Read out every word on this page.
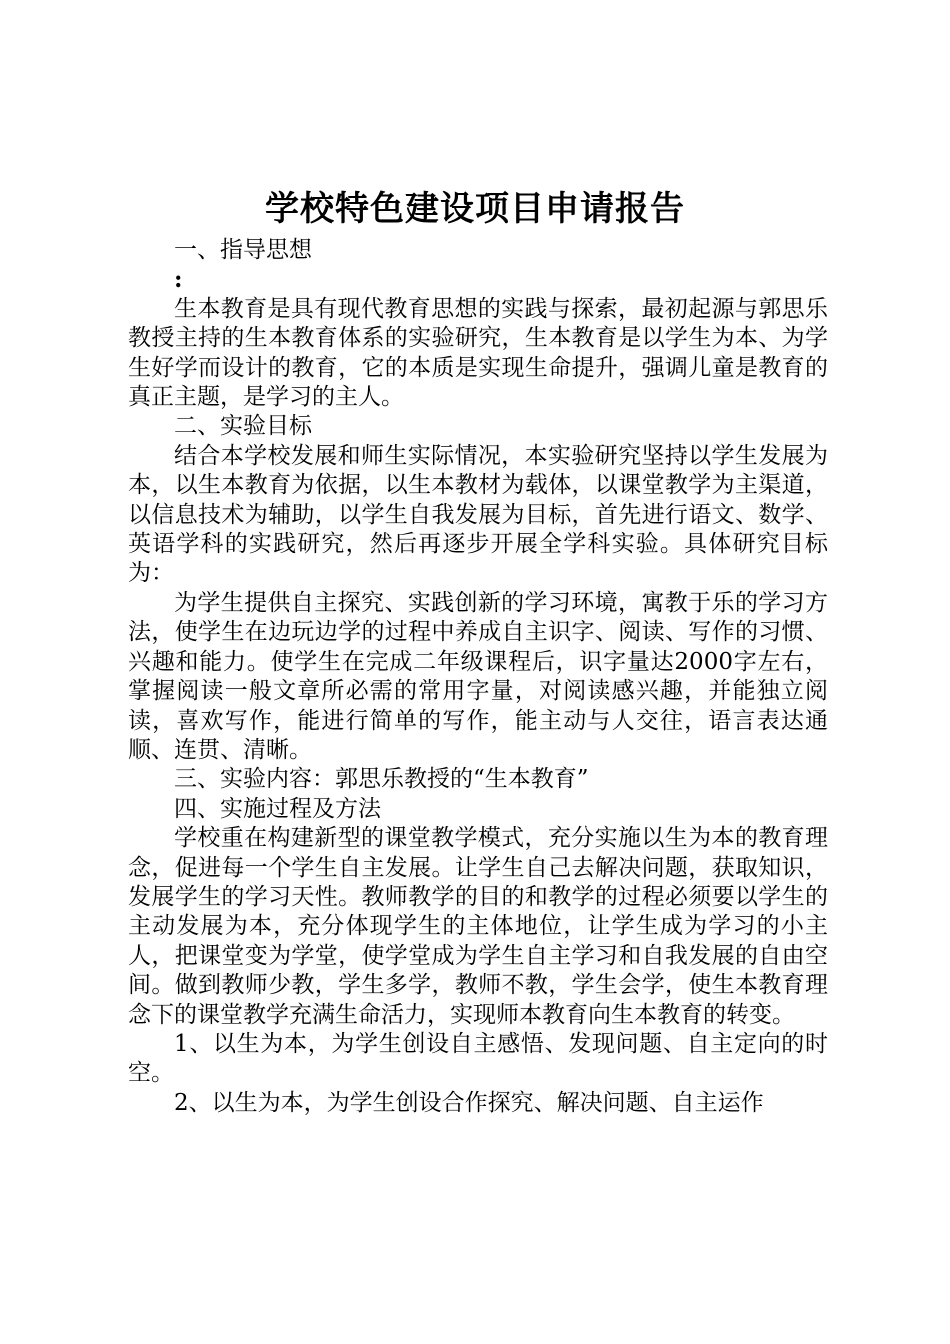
学校特色建设项目申请报告

一、指导思想

:

生本教育是具有现代教育思想的实践与探索，最初起源与郭思乐教授主持的生本教育体系的实验研究，生本教育是以学生为本、为学生好学而设计的教育，它的本质是实现生命提升，强调儿童是教育的真正主题，是学习的主人。

二、实验目标

结合本学校发展和师生实际情况，本实验研究坚持以学生发展为本，以生本教育为依据，以生本教材为载体，以课堂教学为主渠道，以信息技术为辅助，以学生自我发展为目标，首先进行语文、数学、英语学科的实践研究，然后再逐步开展全学科实验。具体研究目标为：

为学生提供自主探究、实践创新的学习环境，寓教于乐的学习方法，使学生在边玩边学的过程中养成自主识字、阅读、写作的习惯、兴趣和能力。使学生在完成二年级课程后，识字量达2000字左右，掌握阅读一般文章所必需的常用字量，对阅读感兴趣，并能独立阅读，喜欢写作，能进行简单的写作，能主动与人交往，语言表达通顺、连贯、清晰。

三、实验内容：郭思乐教授的“生本教育”

四、实施过程及方法

学校重在构建新型的课堂教学模式，充分实施以生为本的教育理念，促进每一个学生自主发展。让学生自己去解决问题，获取知识，发展学生的学习天性。教师教学的目的和教学的过程必须要以学生的主动发展为本，充分体现学生的主体地位，让学生成为学习的小主人，把课堂变为学堂，使学堂成为学生自主学习和自我发展的自由空间。做到教师少教，学生多学，教师不教，学生会学，使生本教育理念下的课堂教学充满生命活力，实现师本教育向生本教育的转变。

1、以生为本，为学生创设自主感悟、发现问题、自主定向的时空。

2、以生为本，为学生创设合作探究、解决问题、自主运作
